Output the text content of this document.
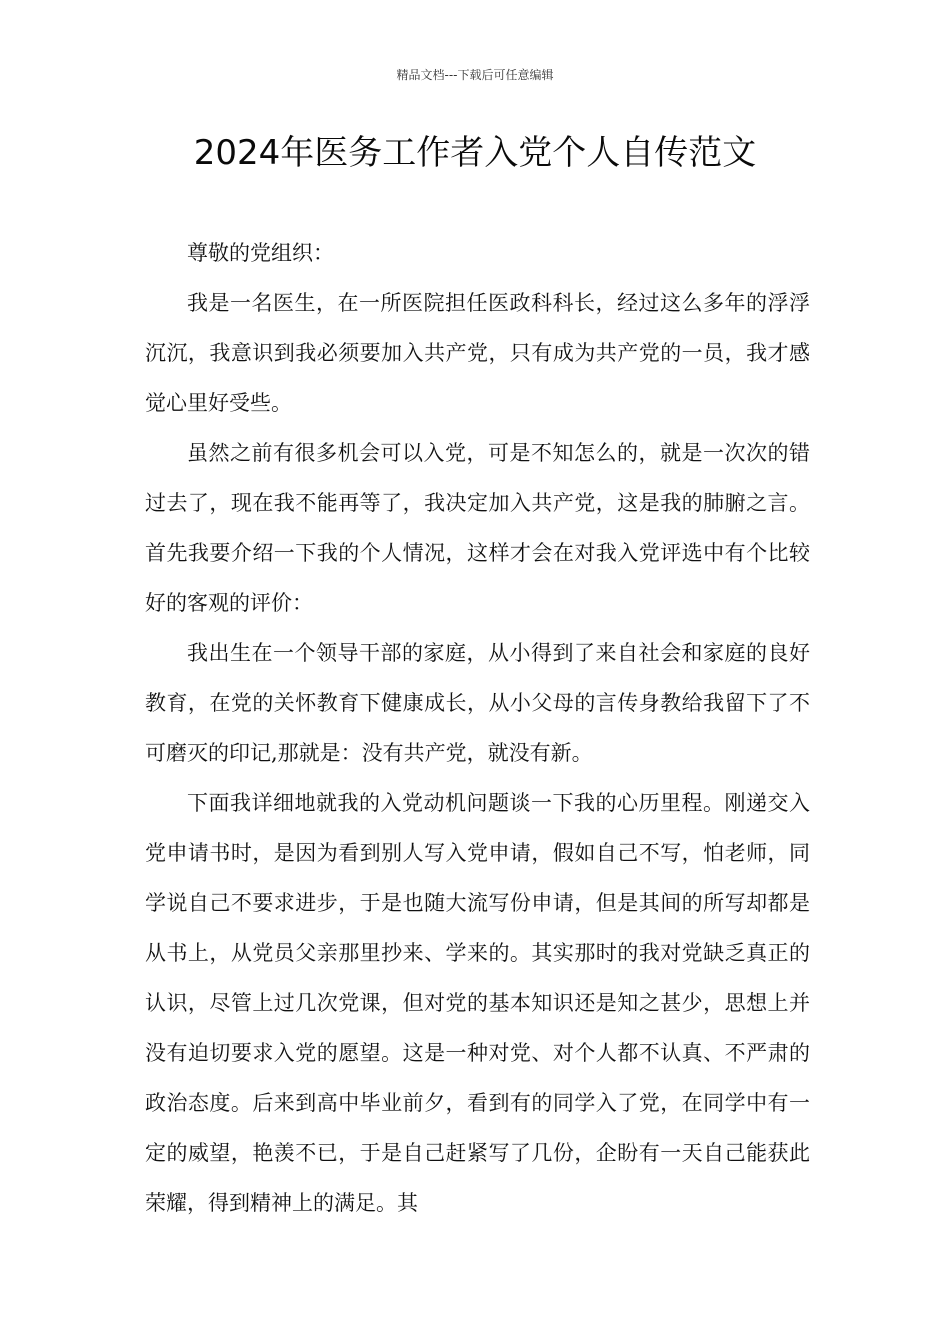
精品文档---下载后可任意编辑
2024年医务工作者入党个人自传范文

尊敬的党组织：

我是一名医生，在一所医院担任医政科科长，经过这么多年的浮浮沉沉，我意识到我必须要加入共产党，只有成为共产党的一员，我才感觉心里好受些。

虽然之前有很多机会可以入党，可是不知怎么的，就是一次次的错过去了，现在我不能再等了，我决定加入共产党，这是我的肺腑之言。首先我要介绍一下我的个人情况，这样才会在对我入党评选中有个比较好的客观的评价：

我出生在一个领导干部的家庭，从小得到了来自社会和家庭的良好教育，在党的关怀教育下健康成长，从小父母的言传身教给我留下了不可磨灭的印记,那就是：没有共产党，就没有新。

下面我详细地就我的入党动机问题谈一下我的心历里程。刚递交入党申请书时，是因为看到别人写入党申请，假如自己不写，怕老师，同学说自己不要求进步，于是也随大流写份申请，但是其间的所写却都是从书上，从党员父亲那里抄来、学来的。其实那时的我对党缺乏真正的认识，尽管上过几次党课，但对党的基本知识还是知之甚少，思想上并没有迫切要求入党的愿望。这是一种对党、对个人都不认真、不严肃的政治态度。后来到高中毕业前夕，看到有的同学入了党，在同学中有一定的威望，艳羡不已，于是自己赶紧写了几份，企盼有一天自己能获此荣耀，得到精神上的满足。其
